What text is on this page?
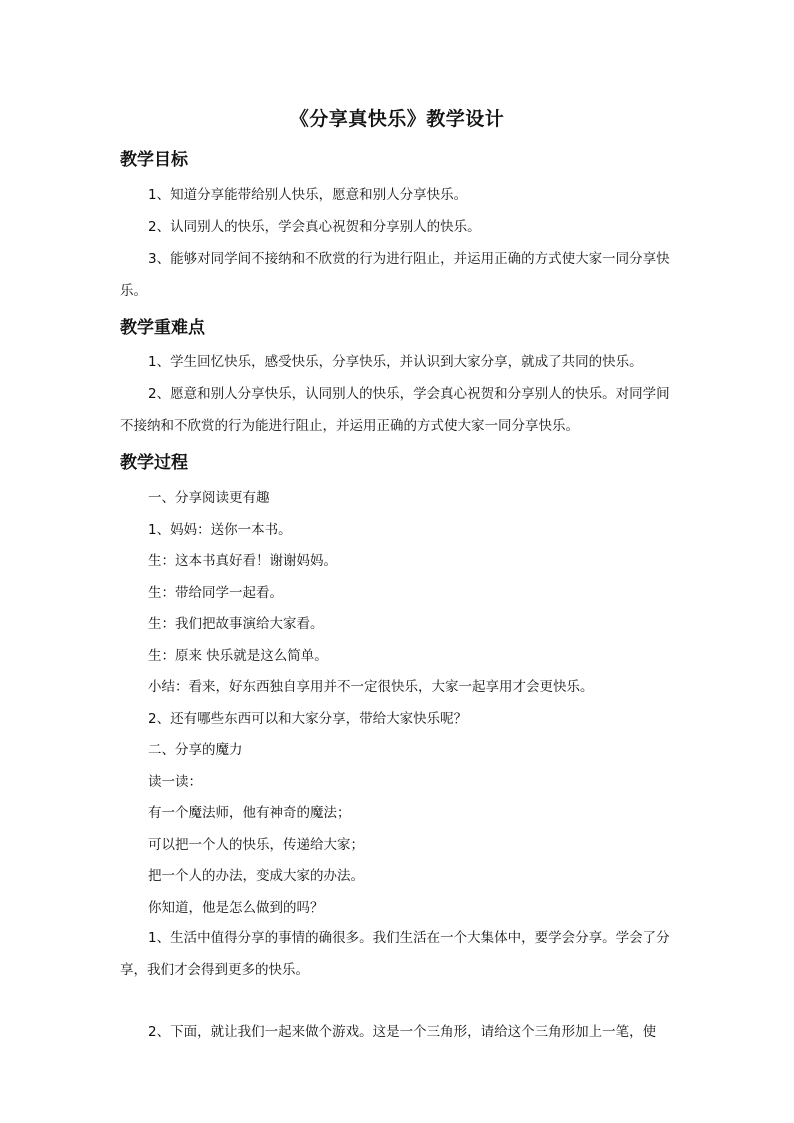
《分享真快乐》教学设计
教学目标

1、知道分享能带给别人快乐，愿意和别人分享快乐。

2、认同别人的快乐，学会真心祝贺和分享别人的快乐。

3、能够对同学间不接纳和不欣赏的行为进行阻止，并运用正确的方式使大家一同分享快乐。

教学重难点

1、学生回忆快乐，感受快乐，分享快乐，并认识到大家分享，就成了共同的快乐。

2、愿意和别人分享快乐，认同别人的快乐，学会真心祝贺和分享别人的快乐。对同学间不接纳和不欣赏的行为能进行阻止，并运用正确的方式使大家一同分享快乐。

教学过程
一、分享阅读更有趣
1、妈妈：送你一本书。
生：这本书真好看！谢谢妈妈。
生：带给同学一起看。
生：我们把故事演给大家看。
生：原来 快乐就是这么简单。
小结：看来，好东西独自享用并不一定很快乐，大家一起享用才会更快乐。
2、还有哪些东西可以和大家分享，带给大家快乐呢？
二、分享的魔力
读一读：
有一个魔法师，他有神奇的魔法；
可以把一个人的快乐，传递给大家；
把一个人的办法，变成大家的办法。
你知道，他是怎么做到的吗？

1、生活中值得分享的事情的确很多。我们生活在一个大集体中，要学会分享。学会了分享，我们才会得到更多的快乐。

2、下面，就让我们一起来做个游戏。这是一个三角形，请给这个三角形加上一笔，使
